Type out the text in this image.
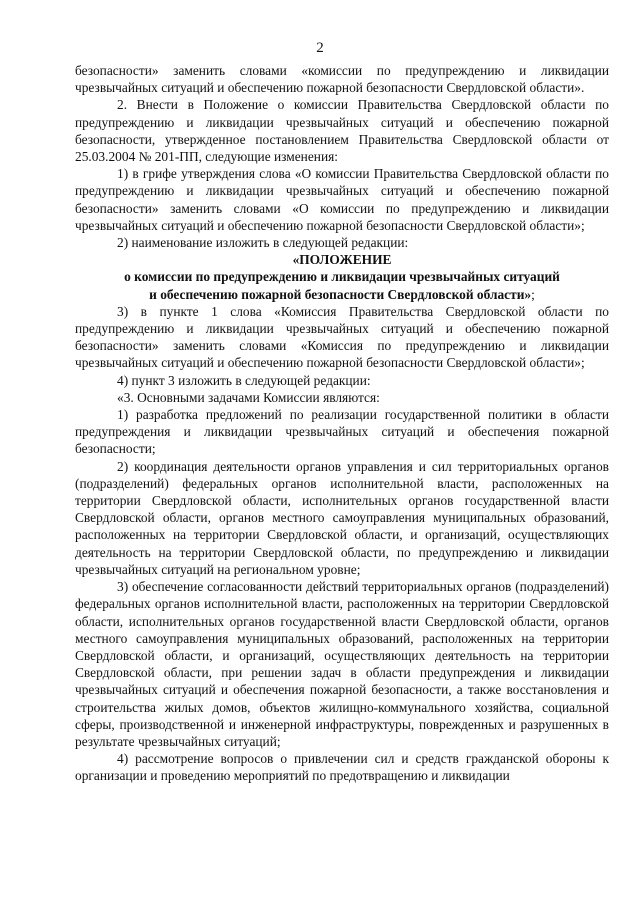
2

безопасности» заменить словами «комиссии по предупреждению и ликвидации чрезвычайных ситуаций и обеспечению пожарной безопасности Свердловской области».

2. Внести в Положение о комиссии Правительства Свердловской области по предупреждению и ликвидации чрезвычайных ситуаций и обеспечению пожарной безопасности, утвержденное постановлением Правительства Свердловской области от 25.03.2004 № 201-ПП, следующие изменения:

1) в грифе утверждения слова «О комиссии Правительства Свердловской области по предупреждению и ликвидации чрезвычайных ситуаций и обеспечению пожарной безопасности» заменить словами «О комиссии по предупреждению и ликвидации чрезвычайных ситуаций и обеспечению пожарной безопасности Свердловской области»;

2) наименование изложить в следующей редакции:

«ПОЛОЖЕНИЕ

о комиссии по предупреждению и ликвидации чрезвычайных ситуаций

и обеспечению пожарной безопасности Свердловской области»;

3) в пункте 1 слова «Комиссия Правительства Свердловской области по предупреждению и ликвидации чрезвычайных ситуаций и обеспечению пожарной безопасности» заменить словами «Комиссия по предупреждению и ликвидации чрезвычайных ситуаций и обеспечению пожарной безопасности Свердловской области»;

4) пункт 3 изложить в следующей редакции:

«3. Основными задачами Комиссии являются:

1) разработка предложений по реализации государственной политики в области предупреждения и ликвидации чрезвычайных ситуаций и обеспечения пожарной безопасности;

2) координация деятельности органов управления и сил территориальных органов (подразделений) федеральных органов исполнительной власти, расположенных на территории Свердловской области, исполнительных органов государственной власти Свердловской области, органов местного самоуправления муниципальных образований, расположенных на территории Свердловской области, и организаций, осуществляющих деятельность на территории Свердловской области, по предупреждению и ликвидации чрезвычайных ситуаций на региональном уровне;

3) обеспечение согласованности действий территориальных органов (подразделений) федеральных органов исполнительной власти, расположенных на территории Свердловской области, исполнительных органов государственной власти Свердловской области, органов местного самоуправления муниципальных образований, расположенных на территории Свердловской области, и организаций, осуществляющих деятельность на территории Свердловской области, при решении задач в области предупреждения и ликвидации чрезвычайных ситуаций и обеспечения пожарной безопасности, а также восстановления и строительства жилых домов, объектов жилищно-коммунального хозяйства, социальной сферы, производственной и инженерной инфраструктуры, поврежденных и разрушенных в результате чрезвычайных ситуаций;

4) рассмотрение вопросов о привлечении сил и средств гражданской обороны к организации и проведению мероприятий по предотвращению и ликвидации
